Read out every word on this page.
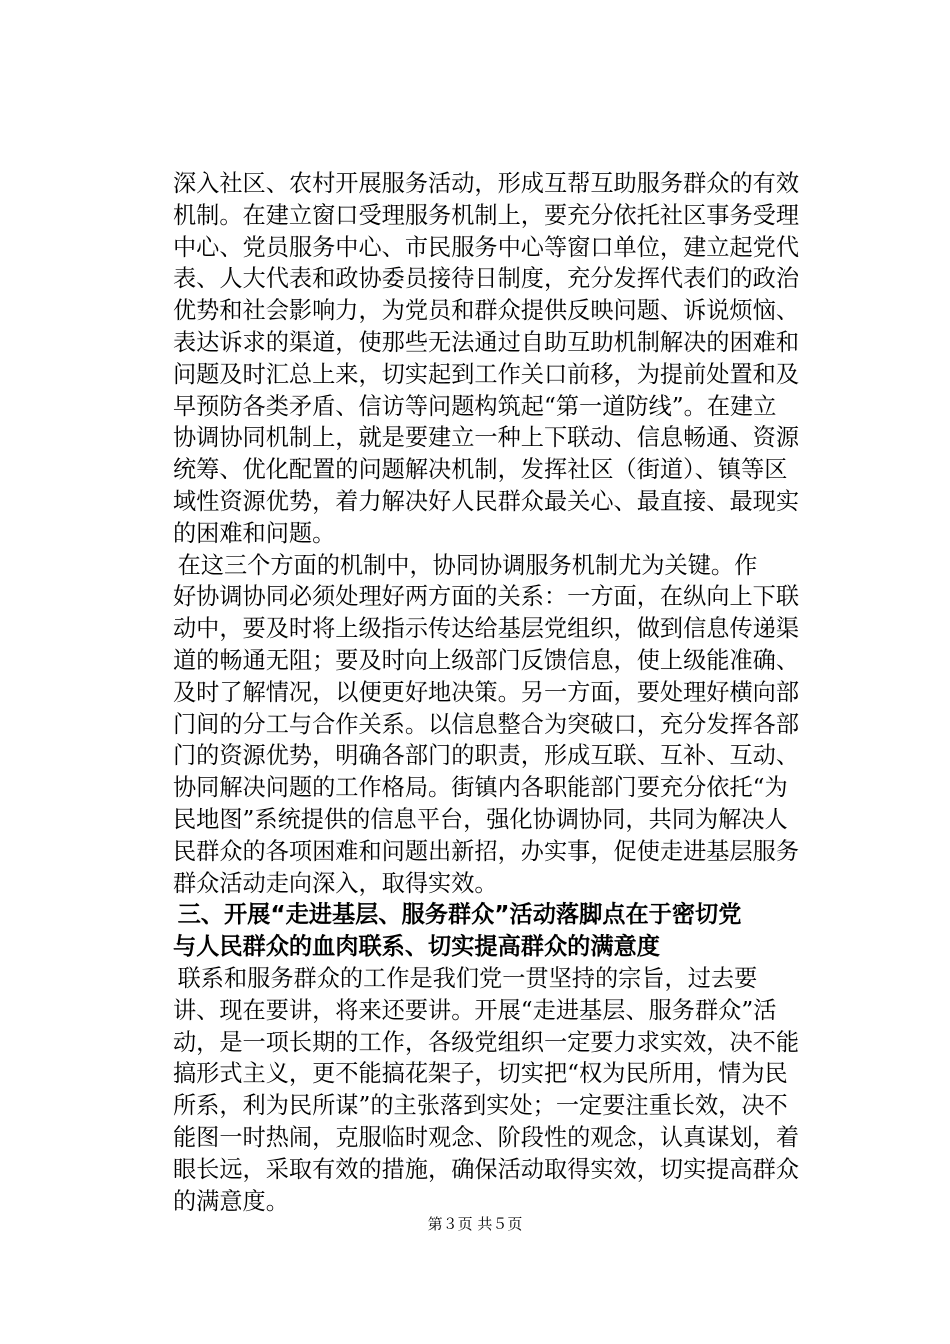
深入社区、农村开展服务活动，形成互帮互助服务群众的有效
机制。在建立窗口受理服务机制上，要充分依托社区事务受理
中心、党员服务中心、市民服务中心等窗口单位，建立起党代
表、人大代表和政协委员接待日制度，充分发挥代表们的政治
优势和社会影响力，为党员和群众提供反映问题、诉说烦恼、
表达诉求的渠道，使那些无法通过自助互助机制解决的困难和
问题及时汇总上来，切实起到工作关口前移，为提前处置和及
早预防各类矛盾、信访等问题构筑起“第一道防线”。在建立
协调协同机制上，就是要建立一种上下联动、信息畅通、资源
统筹、优化配置的问题解决机制，发挥社区（街道）、镇等区
域性资源优势，着力解决好人民群众最关心、最直接、最现实
的困难和问题。
在这三个方面的机制中，协同协调服务机制尤为关键。作
好协调协同必须处理好两方面的关系：一方面，在纵向上下联
动中，要及时将上级指示传达给基层党组织，做到信息传递渠
道的畅通无阻；要及时向上级部门反馈信息，使上级能准确、
及时了解情况，以便更好地决策。另一方面，要处理好横向部
门间的分工与合作关系。以信息整合为突破口，充分发挥各部
门的资源优势，明确各部门的职责，形成互联、互补、互动、
协同解决问题的工作格局。街镇内各职能部门要充分依托“为
民地图”系统提供的信息平台，强化协调协同，共同为解决人
民群众的各项困难和问题出新招，办实事，促使走进基层服务
群众活动走向深入，取得实效。
三、开展“走进基层、服务群众”活动落脚点在于密切党
与人民群众的血肉联系、切实提高群众的满意度
联系和服务群众的工作是我们党一贯坚持的宗旨，过去要
讲、现在要讲，将来还要讲。开展“走进基层、服务群众”活
动，是一项长期的工作，各级党组织一定要力求实效，决不能
搞形式主义，更不能搞花架子，切实把“权为民所用，情为民
所系，利为民所谋”的主张落到实处；一定要注重长效，决不
能图一时热闹，克服临时观念、阶段性的观念，认真谋划，着
眼长远，采取有效的措施，确保活动取得实效，切实提高群众
的满意度。
第３页 共５页
